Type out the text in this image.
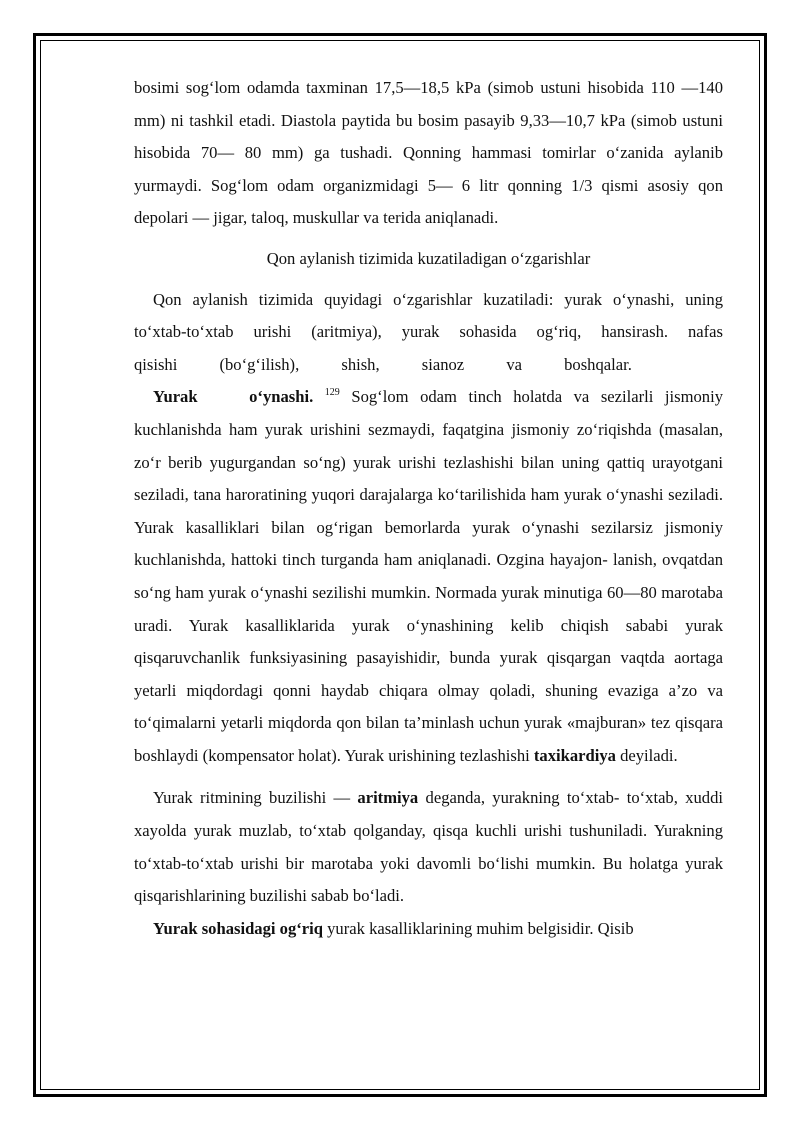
bosimi sog‘lom odamda taxminan 17,5—18,5 kPa (simob ustuni hisobida 110 —140 mm) ni tashkil etadi. Diastola paytida bu bosim pasayib 9,33—10,7 kPa (simob ustuni hisobida 70— 80 mm) ga tushadi. Qonning hammasi tomirlar o‘zanida aylanib yurmaydi. Sog‘lom odam organizmidagi 5— 6 litr qonning 1/3 qismi asosiy qon depolari — jigar, taloq, muskullar va terida aniqlanadi.

Qon aylanish tizimida kuzatiladigan o‘zgarishlar

Qon aylanish tizimida quyidagi o‘zgarishlar kuzatiladi: yurak o‘ynashi, uning to‘xtab-to‘xtab urishi (aritmiya), yurak sohasida og‘riq, hansirash. nafas

qisishi (bo‘g‘ilish), shish, sianoz va boshqalar.

Yurak o‘ynashi. $^{129}$ Sog‘lom odam tinch holatda va sezilarli jismoniy kuchlanishda ham yurak urishini sezmaydi, faqatgina jismoniy zo‘riqishda (masalan, zo‘r berib yugurgandan so‘ng) yurak urishi tezlashishi bilan uning qattiq urayotgani seziladi, tana haroratining yuqori darajalarga ko‘tarilishida ham yurak o‘ynashi seziladi. Yurak kasalliklari bilan og‘rigan bemorlarda yurak o‘ynashi sezilarsiz jismoniy kuchlanishda, hattoki tinch turganda ham aniqlanadi. Ozgina hayajon- lanish, ovqatdan so‘ng ham yurak o‘ynashi sezilishi mumkin. Normada yurak minutiga 60—80 marotaba uradi. Yurak kasalliklarida yurak o‘ynashining kelib chiqish sababi yurak qisqaruvchanlik funksiyasining pasayishidir, bunda yurak qisqargan vaqtda aortaga yetarli miqdordagi qonni haydab chiqara olmay qoladi, shuning evaziga a’zo va to‘qimalarni yetarli miqdorda qon bilan ta’minlash uchun yurak «majburan» tez qisqara boshlaydi (kompensator holat). Yurak urishining tezlashishi taxikardiya deyiladi.

Yurak ritmining buzilishi — aritmiya deganda, yurakning to‘xtab- to‘xtab, xuddi xayolda yurak muzlab, to‘xtab qolganday, qisqa kuchli urishi tushuniladi. Yurakning to‘xtab-to‘xtab urishi bir marotaba yoki davomli bo‘lishi mumkin. Bu holatga yurak qisqarishlarining buzilishi sabab bo‘ladi.

Yurak sohasidagi og‘riq yurak kasalliklarining muhim belgisidir. Qisib
